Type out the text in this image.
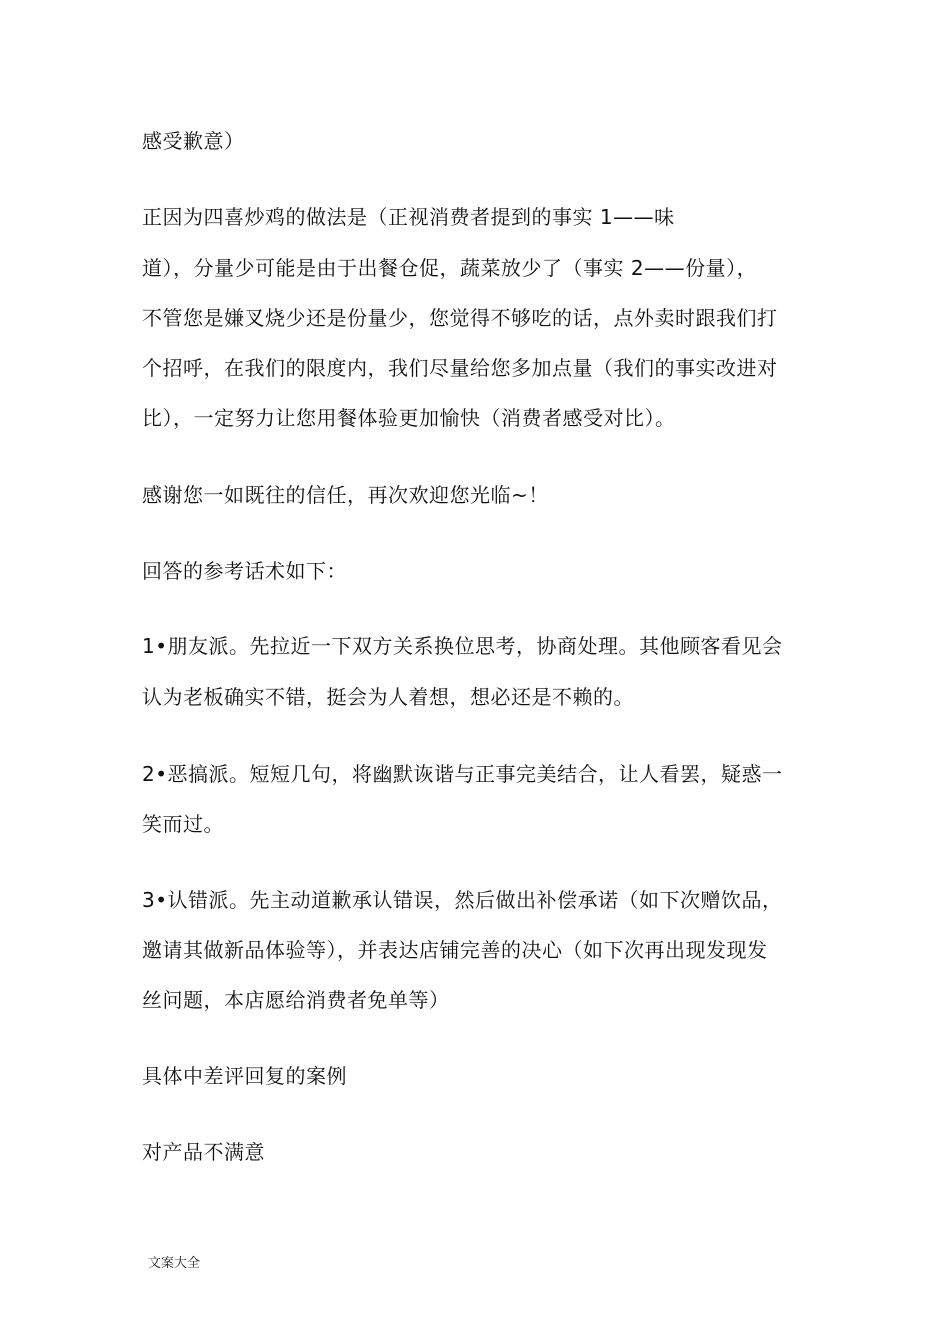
感受歉意）
正因为四喜炒鸡的做法是（正视消费者提到的事实 1——味
道），分量少可能是由于出餐仓促，蔬菜放少了（事实 2——份量），
不管您是嫌叉烧少还是份量少，您觉得不够吃的话，点外卖时跟我们打
个招呼，在我们的限度内，我们尽量给您多加点量（我们的事实改进对
比），一定努力让您用餐体验更加愉快（消费者感受对比）。
感谢您一如既往的信任，再次欢迎您光临~！
回答的参考话术如下：
1•朋友派。先拉近一下双方关系换位思考，协商处理。其他顾客看见会
认为老板确实不错，挺会为人着想，想必还是不赖的。
2•恶搞派。短短几句，将幽默诙谐与正事完美结合，让人看罢，疑惑一
笑而过。
3•认错派。先主动道歉承认错误，然后做出补偿承诺（如下次赠饮品，
邀请其做新品体验等），并表达店铺完善的决心（如下次再出现发现发
丝问题，本店愿给消费者免单等）
具体中差评回复的案例
对产品不满意
文案大全
